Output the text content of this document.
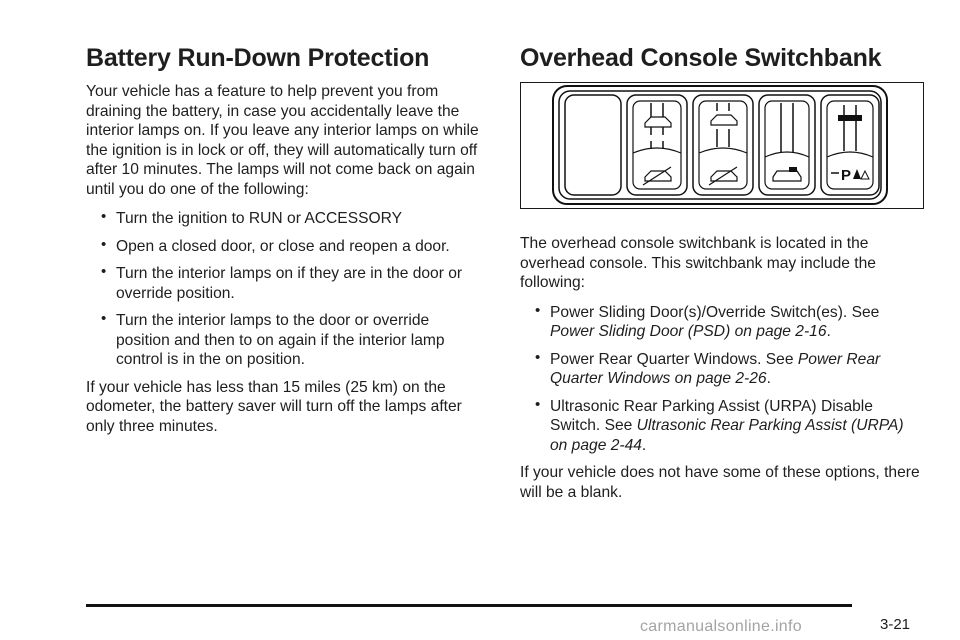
Battery Run-Down Protection

Your vehicle has a feature to help prevent you from draining the battery, in case you accidentally leave the interior lamps on. If you leave any interior lamps on while the ignition is in lock or off, they will automatically turn off after 10 minutes. The lamps will not come back on again until you do one of the following:

• Turn the ignition to RUN or ACCESSORY
• Open a closed door, or close and reopen a door.
• Turn the interior lamps on if they are in the door or override position.
• Turn the interior lamps to the door or override position and then to on again if the interior lamp control is in the on position.

If your vehicle has less than 15 miles (25 km) on the odometer, the battery saver will turn off the lamps after only three minutes.

Overhead Console Switchbank
P

The overhead console switchbank is located in the overhead console. This switchbank may include the following:

• Power Sliding Door(s)/Override Switch(es). See Power Sliding Door (PSD) on page 2-16.
• Power Rear Quarter Windows. See Power Rear Quarter Windows on page 2-26.
• Ultrasonic Rear Parking Assist (URPA) Disable Switch. See Ultrasonic Rear Parking Assist (URPA) on page 2-44.

If your vehicle does not have some of these options, there will be a blank.

3-21
carmanualsonline.info
